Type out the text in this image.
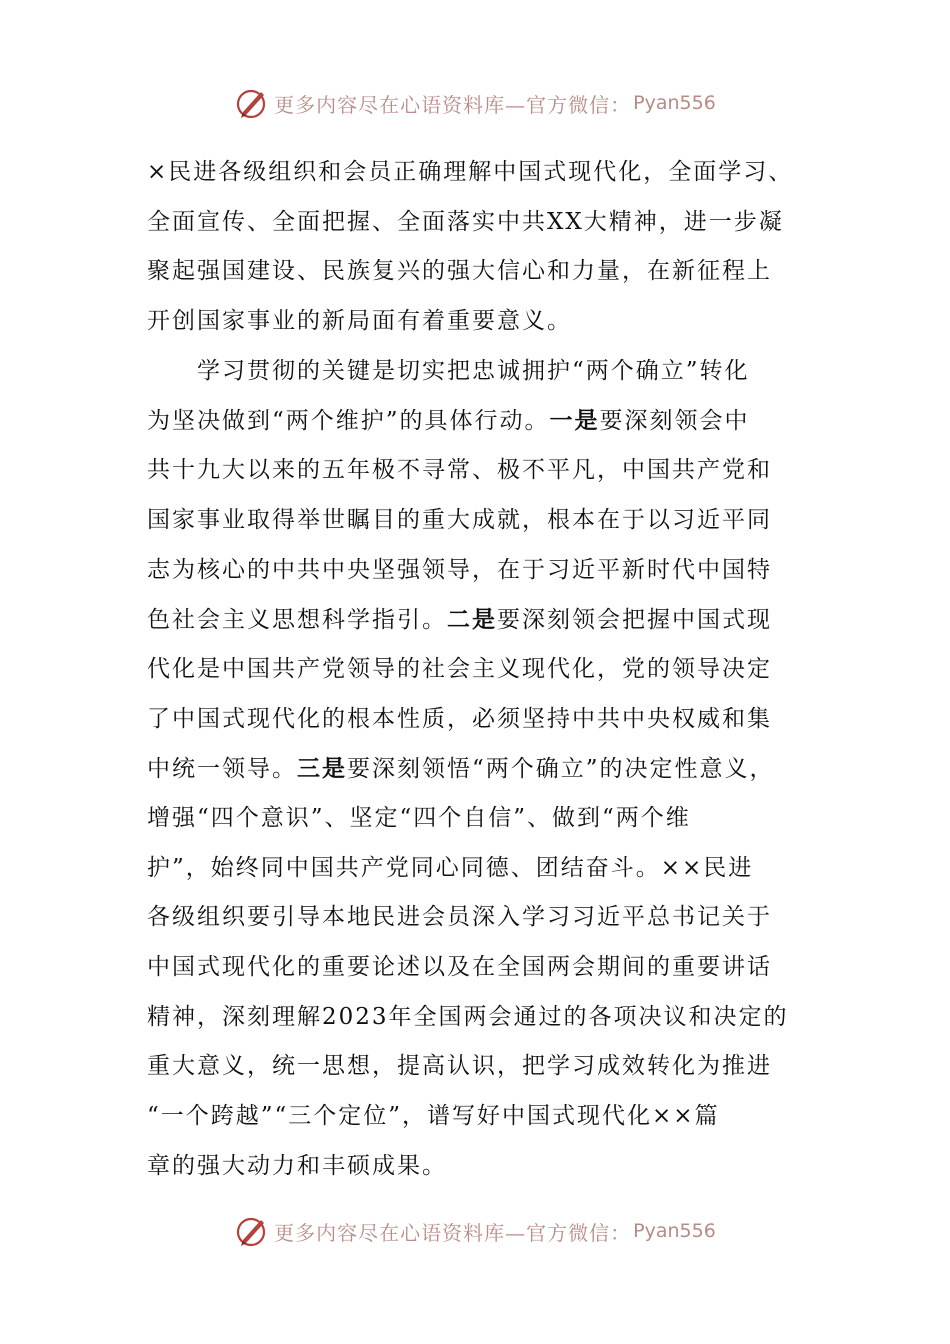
更多内容尽在心语资料库—官方微信： Pyan556
×民进各级组织和会员正确理解中国式现代化，全面学习、
全面宣传、全面把握、全面落实中共XX大精神，进一步凝
聚起强国建设、民族复兴的强大信心和力量，在新征程上
开创国家事业的新局面有着重要意义。
学习贯彻的关键是切实把忠诚拥护“两个确立”转化
为坚决做到“两个维护”的具体行动。一是要深刻领会中
共十九大以来的五年极不寻常、极不平凡，中国共产党和
国家事业取得举世瞩目的重大成就，根本在于以习近平同
志为核心的中共中央坚强领导，在于习近平新时代中国特
色社会主义思想科学指引。二是要深刻领会把握中国式现
代化是中国共产党领导的社会主义现代化，党的领导决定
了中国式现代化的根本性质，必须坚持中共中央权威和集
中统一领导。三是要深刻领悟“两个确立”的决定性意义，
增强“四个意识”、坚定“四个自信”、做到“两个维
护”，始终同中国共产党同心同德、团结奋斗。××民进
各级组织要引导本地民进会员深入学习习近平总书记关于
中国式现代化的重要论述以及在全国两会期间的重要讲话
精神，深刻理解2023年全国两会通过的各项决议和决定的
重大意义，统一思想，提高认识，把学习成效转化为推进
“一个跨越”“三个定位”，谱写好中国式现代化××篇
章的强大动力和丰硕成果。
更多内容尽在心语资料库—官方微信： Pyan556
